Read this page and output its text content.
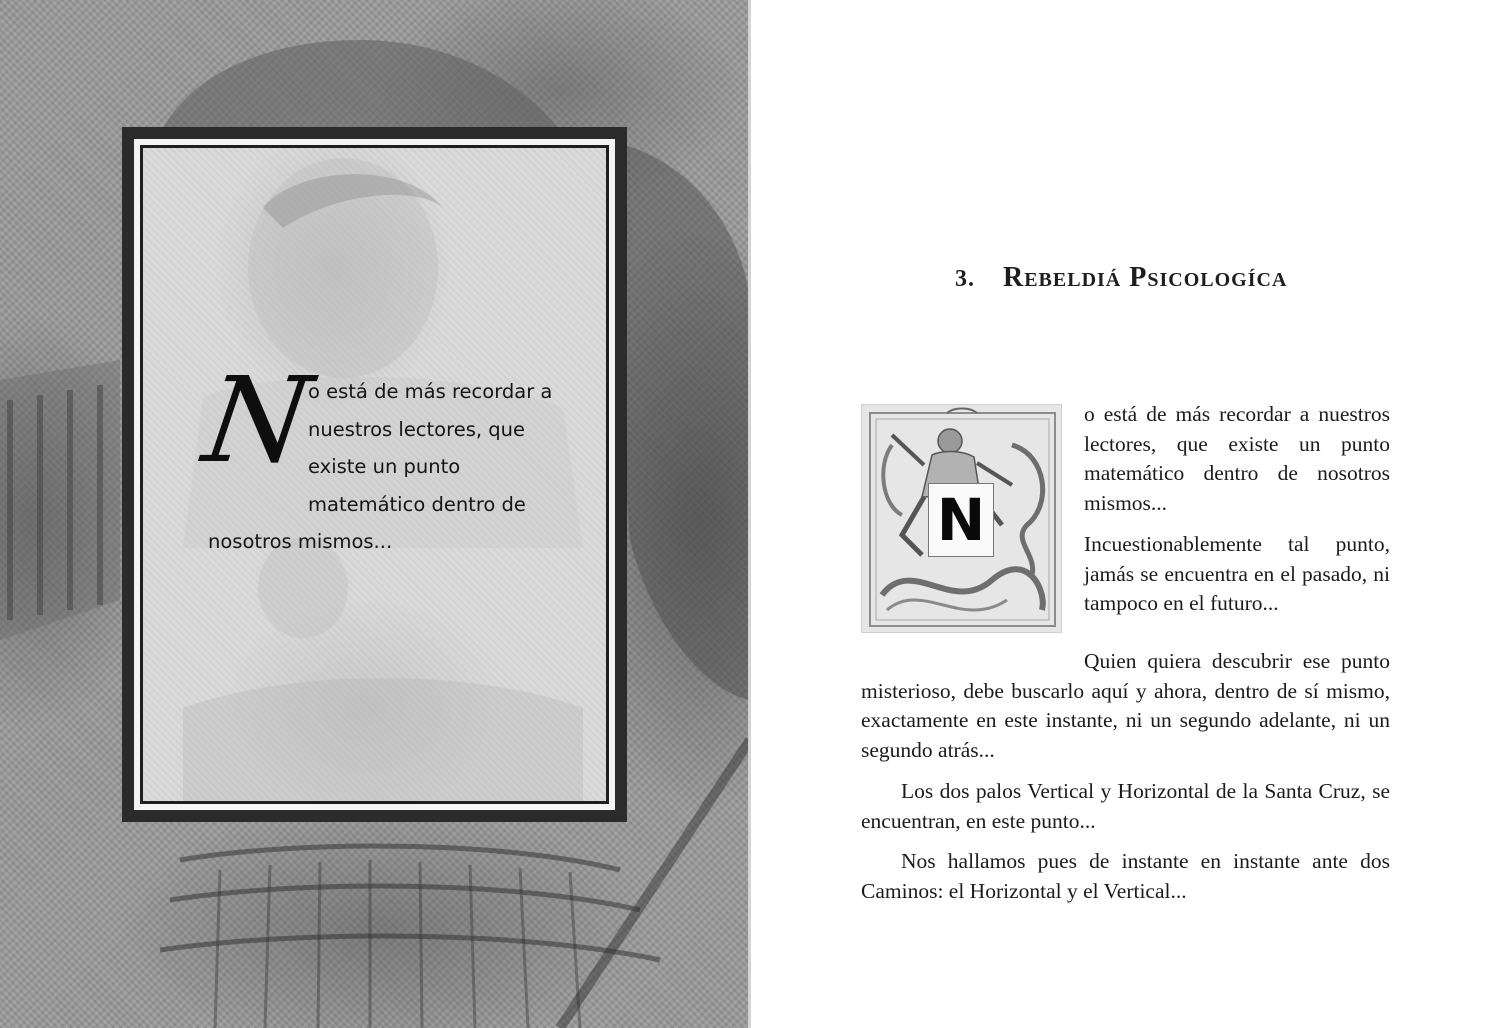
N
o está de más recordar a
nuestros lectores, que
existe un punto
matemático dentro de
nosotros mismos...
3. Rebeldiá Psicologíca
N

o está de más recordar a nuestros lectores, que existe un punto matemático dentro de nosotros mismos...

Incuestionablemente tal punto, jamás se encuentra en el pasado, ni tampoco en el futuro...

Quien quiera descubrir ese punto misterioso, debe buscarlo aquí y ahora, dentro de sí mismo, exactamente en este instante, ni un segundo adelante, ni un segundo atrás...

Los dos palos Vertical y Horizontal de la Santa Cruz, se encuentran, en este punto...

Nos hallamos pues de instante en instante ante dos Caminos: el Horizontal y el Vertical...
